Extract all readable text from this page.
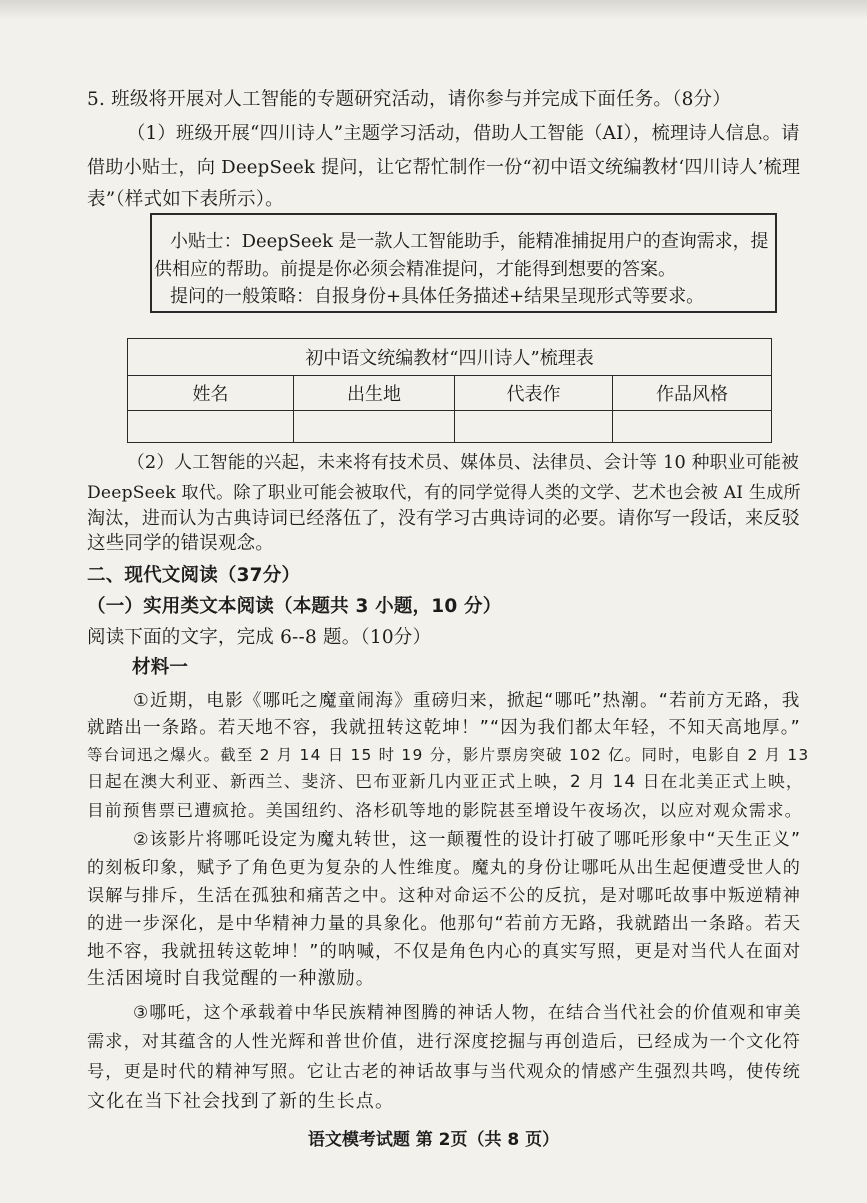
5. 班级将开展对人工智能的专题研究活动，请你参与并完成下面任务。（8分）
（1）班级开展“四川诗人”主题学习活动，借助人工智能（AI），梳理诗人信息。请
借助小贴士，向 DeepSeek 提问，让它帮忙制作一份“初中语文统编教材‘四川诗人’梳理
表”（样式如下表所示）。
小贴士：DeepSeek 是一款人工智能助手，能精准捕捉用户的查询需求，提
供相应的帮助。前提是你必须会精准提问，才能得到想要的答案。
提问的一般策略：自报身份+具体任务描述+结果呈现形式等要求。
初中语文统编教材“四川诗人”梳理表			
姓名	出生地	代表作	作品风格

（2）人工智能的兴起，未来将有技术员、媒体员、法律员、会计等 10 种职业可能被
DeepSeek 取代。除了职业可能会被取代，有的同学觉得人类的文学、艺术也会被 AI 生成所
淘汰，进而认为古典诗词已经落伍了，没有学习古典诗词的必要。请你写一段话，来反驳
这些同学的错误观念。
二、现代文阅读（37分）
（一）实用类文本阅读（本题共 3 小题，10 分）
阅读下面的文字，完成 6--8 题。（10分）
材料一
①近期，电影《哪吒之魔童闹海》重磅归来，掀起“哪吒”热潮。“若前方无路，我
就踏出一条路。若天地不容，我就扭转这乾坤！”“因为我们都太年轻，不知天高地厚。”
等台词迅之爆火。截至 2 月 14 日 15 时 19 分，影片票房突破 102 亿。同时，电影自 2 月 13
日起在澳大利亚、新西兰、斐济、巴布亚新几内亚正式上映，2 月 14 日在北美正式上映，
目前预售票已遭疯抢。美国纽约、洛杉矶等地的影院甚至增设午夜场次，以应对观众需求。
②该影片将哪吒设定为魔丸转世，这一颠覆性的设计打破了哪吒形象中“天生正义”
的刻板印象，赋予了角色更为复杂的人性维度。魔丸的身份让哪吒从出生起便遭受世人的
误解与排斥，生活在孤独和痛苦之中。这种对命运不公的反抗，是对哪吒故事中叛逆精神
的进一步深化，是中华精神力量的具象化。他那句“若前方无路，我就踏出一条路。若天
地不容，我就扭转这乾坤！”的呐喊，不仅是角色内心的真实写照，更是对当代人在面对
生活困境时自我觉醒的一种激励。
③哪吒，这个承载着中华民族精神图腾的神话人物，在结合当代社会的价值观和审美
需求，对其蕴含的人性光辉和普世价值，进行深度挖掘与再创造后，已经成为一个文化符
号，更是时代的精神写照。它让古老的神话故事与当代观众的情感产生强烈共鸣，使传统
文化在当下社会找到了新的生长点。
语文模考试题 第 2页（共 8 页）
